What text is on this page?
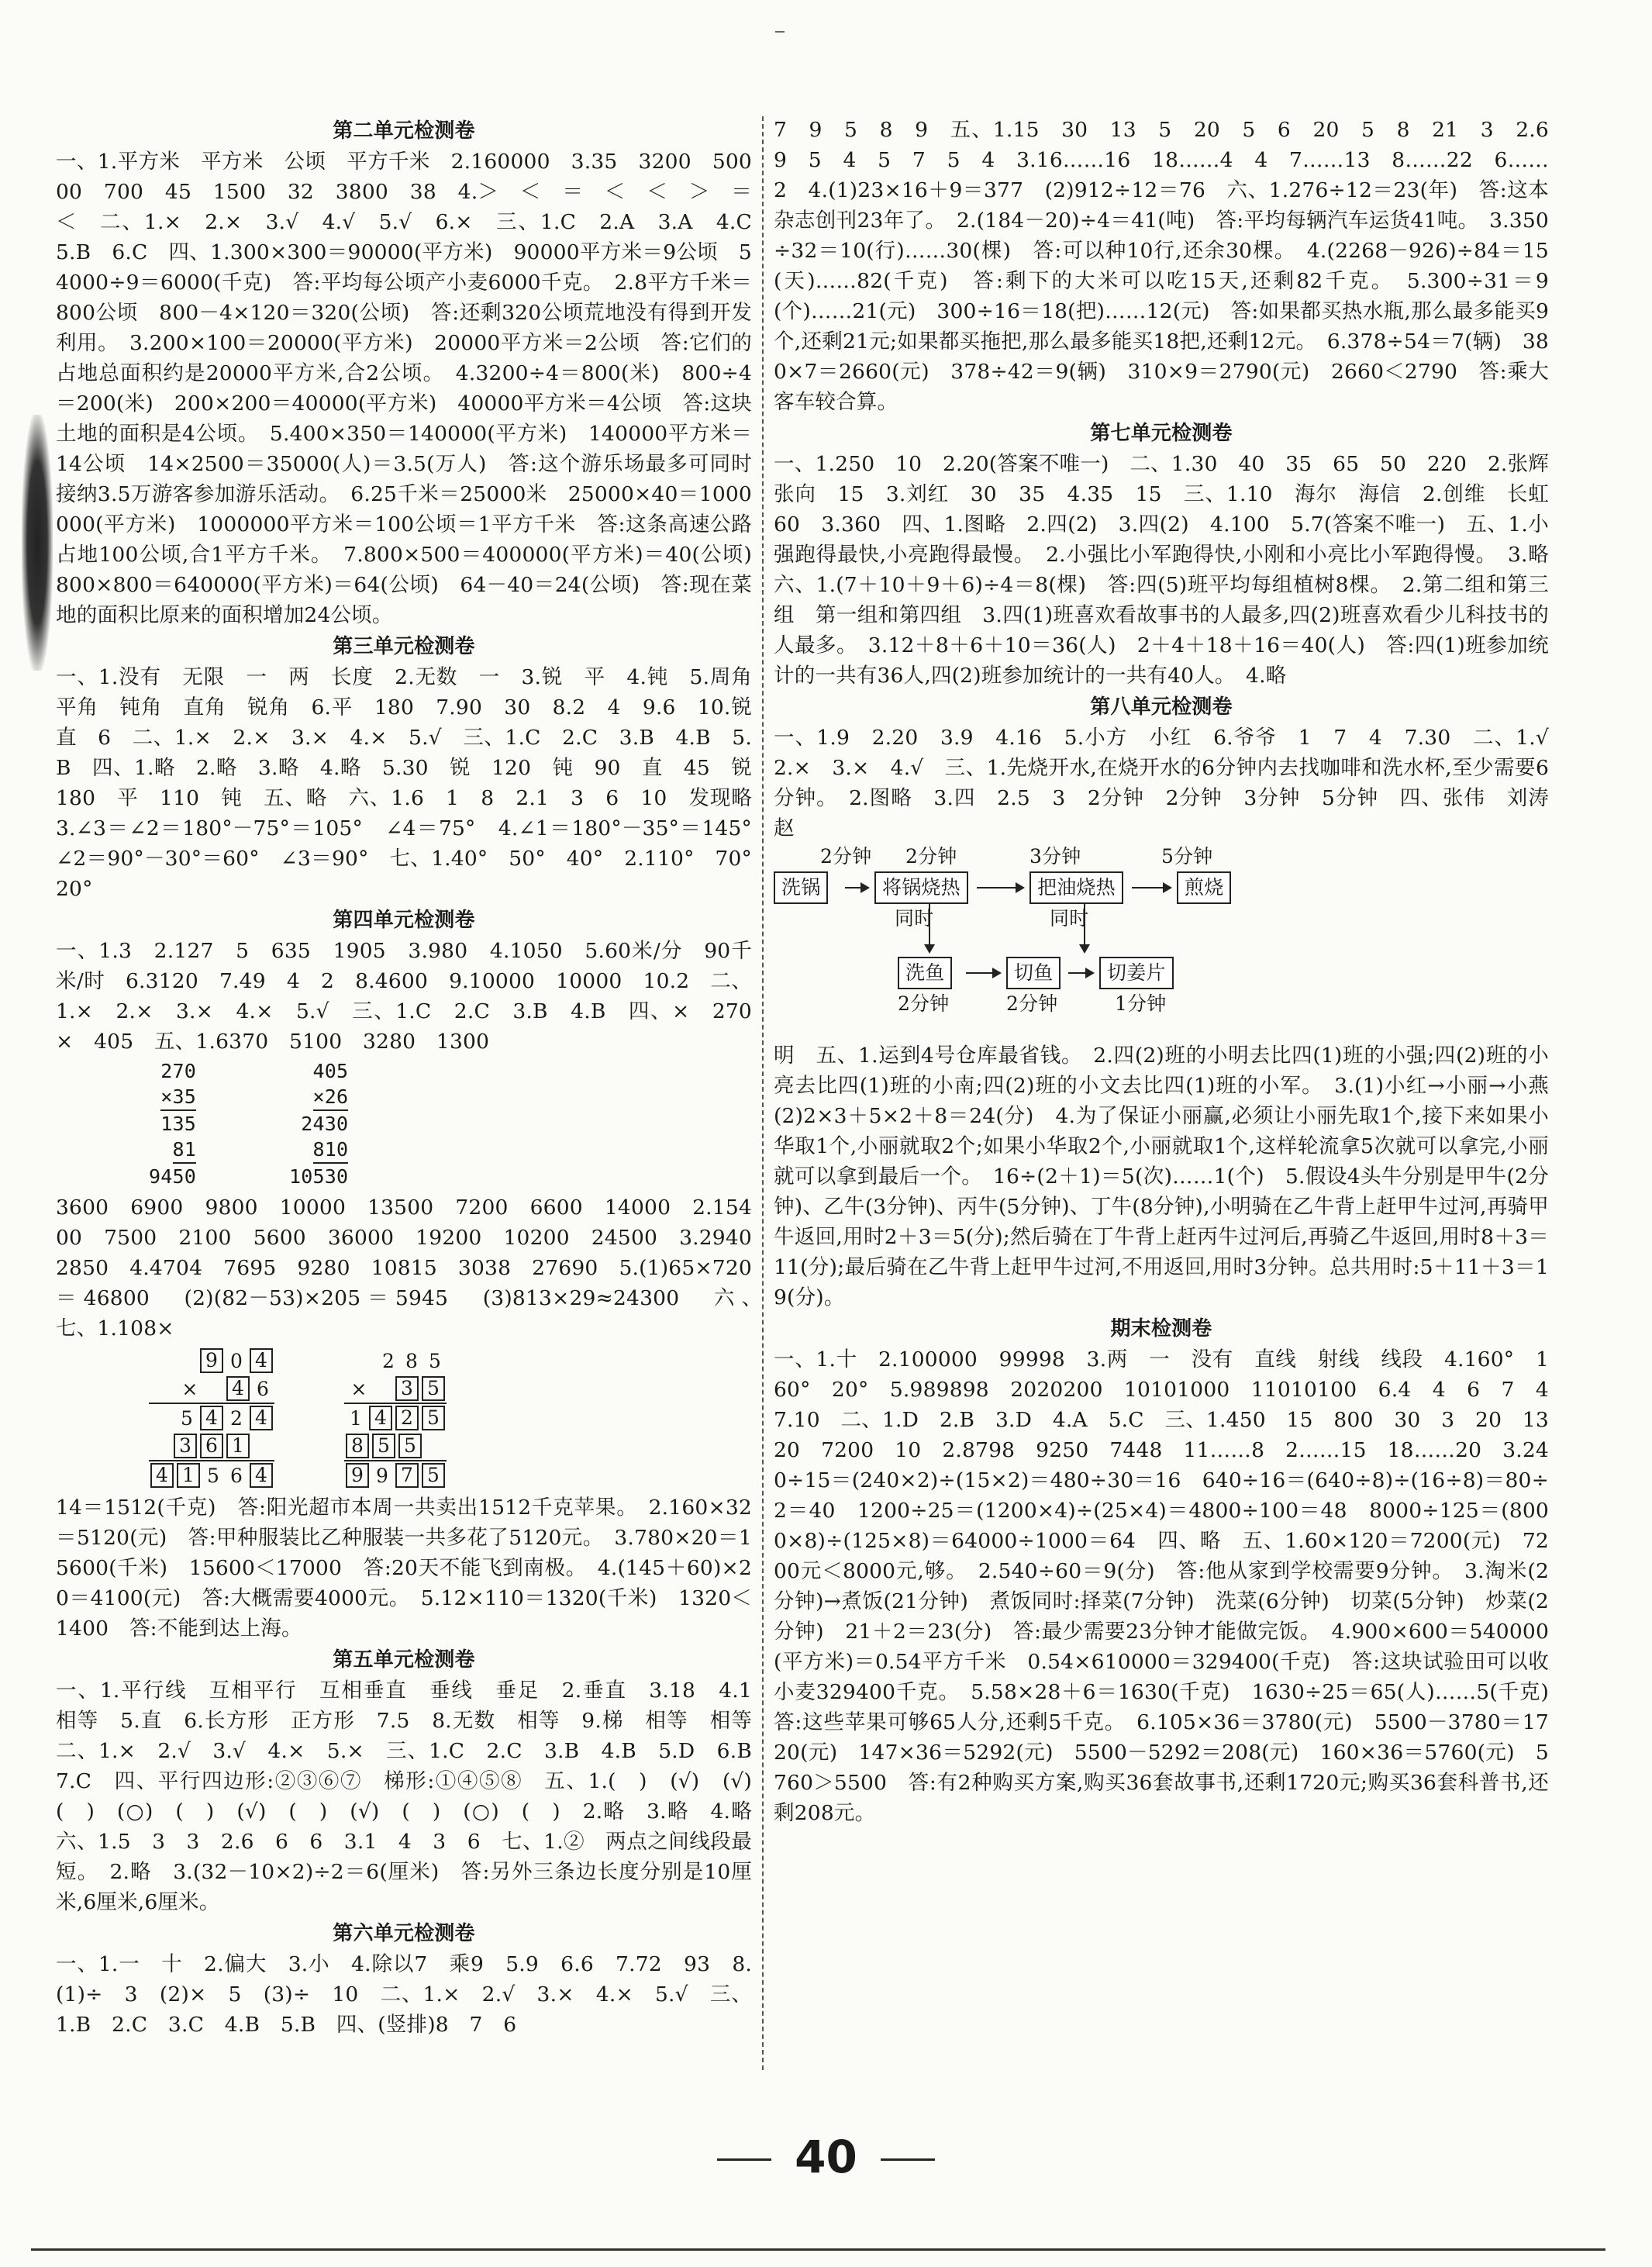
第二单元检测卷

一、1.平方米　平方米　公顷　平方千米　2.160000　3.35　3200　50000　700　45　1500　32　3800　38　4.＞　＜　＝　＜　＜　＞　＝　＜　二、1.×　2.×　3.√　4.√　5.√　6.×　三、1.C　2.A　3.A　4.C　5.B　6.C　四、1.300×300＝90000(平方米)　90000平方米＝9公顷　54000÷9＝6000(千克)　答:平均每公顷产小麦6000千克。　2.8平方千米＝800公顷　800－4×120＝320(公顷)　答:还剩320公顷荒地没有得到开发利用。　3.200×100＝20000(平方米)　20000平方米＝2公顷　答:它们的占地总面积约是20000平方米,合2公顷。　4.3200÷4＝800(米)　800÷4＝200(米)　200×200＝40000(平方米)　40000平方米＝4公顷　答:这块土地的面积是4公顷。　5.400×350＝140000(平方米)　140000平方米＝14公顷　14×2500＝35000(人)＝3.5(万人)　答:这个游乐场最多可同时接纳3.5万游客参加游乐活动。　6.25千米＝25000米　25000×40＝1000000(平方米)　1000000平方米＝100公顷＝1平方千米　答:这条高速公路占地100公顷,合1平方千米。　7.800×500＝400000(平方米)＝40(公顷)　800×800＝640000(平方米)＝64(公顷)　64－40＝24(公顷)　答:现在菜地的面积比原来的面积增加24公顷。

第三单元检测卷

一、1.没有　无限　一　两　长度　2.无数　一　3.锐　平　4.钝　5.周角　平角　钝角　直角　锐角　6.平　180　7.90　30　8.2　4　9.6　10.锐　直　6　二、1.×　2.×　3.×　4.×　5.√　三、1.C　2.C　3.B　4.B　5.B　四、1.略　2.略　3.略　4.略　5.30　锐　120　钝　90　直　45　锐　180　平　110　钝　五、略　六、1.6　1　8　2.1　3　6　10　发现略　3.∠3＝∠2＝180°－75°＝105°　∠4＝75°　4.∠1＝180°－35°＝145°　∠2＝90°－30°＝60°　∠3＝90°　七、1.40°　50°　40°　2.110°　70°　20°

第四单元检测卷

一、1.3　2.127　5　635　1905　3.980　4.1050　5.60米/分　90千米/时　6.3120　7.49　4　2　8.4600　9.10000　10000　10.2　二、1.×　2.×　3.×　4.×　5.√　三、1.C　2.C　3.B　4.B　四、×　270　×　405　五、1.6370　5100　3280　1300

270
×35
135
81
9450
405
×26
2430
810
10530

3600　6900　9800　10000　13500　7200　6600　14000　2.15400　7500　2100　5600　36000　19200　10200　24500　3.2940　2850　4.4704　7695　9280　10815　3038　27690　5.(1)65×720＝46800　(2)(82－53)×205＝5945　(3)813×29≈24300　六、　　　　　　　　　　　　　　七、1.108×

9 0 4
× 4 6
5 4 2 4
3 6 1
4 1 5 6 4
2 8 5
× 3 5
1 4 2 5
8 5 5
9 9 7 5

14＝1512(千克)　答:阳光超市本周一共卖出1512千克苹果。　2.160×32＝5120(元)　答:甲种服装比乙种服装一共多花了5120元。　3.780×20＝15600(千米)　15600＜17000　答:20天不能飞到南极。　4.(145＋60)×20＝4100(元)　答:大概需要4000元。　5.12×110＝1320(千米)　1320＜1400　答:不能到达上海。

第五单元检测卷

一、1.平行线　互相平行　互相垂直　垂线　垂足　2.垂直　3.18　4.1　相等　5.直　6.长方形　正方形　7.5　8.无数　相等　9.梯　相等　相等　二、1.×　2.√　3.√　4.×　5.×　三、1.C　2.C　3.B　4.B　5.D　6.B　7.C　四、平行四边形:②③⑥⑦　梯形:①④⑤⑧　五、1.(　)　(√)　(√)　(　)　(○)　(　)　(√)　(　)　(√)　(　)　(○)　(　)　2.略　3.略　4.略　六、1.5　3　3　2.6　6　6　3.1　4　3　6　七、1.②　两点之间线段最短。　2.略　3.(32－10×2)÷2＝6(厘米)　答:另外三条边长度分别是10厘米,6厘米,6厘米。

第六单元检测卷

一、1.一　十　2.偏大　3.小　4.除以7　乘9　5.9　6.6　7.72　93　8.(1)÷　3　(2)×　5　(3)÷　10　二、1.×　2.√　3.×　4.×　5.√　三、1.B　2.C　3.C　4.B　5.B　四、(竖排)8　7　6

7　9　5　8　9　五、1.15　30　13　5　20　5　6　20　5　8　21　3　2.6　9　5　4　5　7　5　4　3.16……16　18……4　4　7……13　8……22　6……2　4.(1)23×16＋9＝377　(2)912÷12＝76　六、1.276÷12＝23(年)　答:这本杂志创刊23年了。　2.(184－20)÷4＝41(吨)　答:平均每辆汽车运货41吨。　3.350÷32＝10(行)……30(棵)　答:可以种10行,还余30棵。　4.(2268－926)÷84＝15(天)……82(千克)　答:剩下的大米可以吃15天,还剩82千克。　5.300÷31＝9(个)……21(元)　300÷16＝18(把)……12(元)　答:如果都买热水瓶,那么最多能买9个,还剩21元;如果都买拖把,那么最多能买18把,还剩12元。　6.378÷54＝7(辆)　380×7＝2660(元)　378÷42＝9(辆)　310×9＝2790(元)　2660＜2790　答:乘大客车较合算。

第七单元检测卷

一、1.250　10　2.20(答案不唯一)　二、1.30　40　35　65　50　220　2.张辉　张向　15　3.刘红　30　35　4.35　15　三、1.10　海尔　海信　2.创维　长虹　60　3.360　四、1.图略　2.四(2)　3.四(2)　4.100　5.7(答案不唯一)　五、1.小强跑得最快,小亮跑得最慢。　2.小强比小军跑得快,小刚和小亮比小军跑得慢。　3.略　六、1.(7＋10＋9＋6)÷4＝8(棵)　答:四(5)班平均每组植树8棵。　2.第二组和第三组　第一组和第四组　3.四(1)班喜欢看故事书的人最多,四(2)班喜欢看少儿科技书的人最多。　3.12＋8＋6＋10＝36(人)　2＋4＋18＋16＝40(人)　答:四(1)班参加统计的一共有36人,四(2)班参加统计的一共有40人。　4.略

第八单元检测卷

一、1.9　2.20　3.9　4.16　5.小方　小红　6.爷爷　1　7　4　7.30　二、1.√　2.×　3.×　4.√　三、1.先烧开水,在烧开水的6分钟内去找咖啡和洗水杯,至少需要6分钟。　2.图略　3.四　2.5　3　2分钟　2分钟　3分钟　5分钟　四、张伟　刘涛　赵

2分钟 2分钟	3分钟	5分钟
洗锅	将锅烧热	把油烧热	煎烧
同时	同时
洗鱼	切鱼	切姜片
2分钟	2分钟	1分钟

明　五、1.运到4号仓库最省钱。　2.四(2)班的小明去比四(1)班的小强;四(2)班的小亮去比四(1)班的小南;四(2)班的小文去比四(1)班的小军。　3.(1)小红→小丽→小燕　(2)2×3＋5×2＋8＝24(分)　4.为了保证小丽赢,必须让小丽先取1个,接下来如果小华取1个,小丽就取2个;如果小华取2个,小丽就取1个,这样轮流拿5次就可以拿完,小丽就可以拿到最后一个。　16÷(2＋1)＝5(次)……1(个)　5.假设4头牛分别是甲牛(2分钟)、乙牛(3分钟)、丙牛(5分钟)、丁牛(8分钟),小明骑在乙牛背上赶甲牛过河,再骑甲牛返回,用时2＋3＝5(分);然后骑在丁牛背上赶丙牛过河后,再骑乙牛返回,用时8＋3＝11(分);最后骑在乙牛背上赶甲牛过河,不用返回,用时3分钟。总共用时:5＋11＋3＝19(分)。

期末检测卷

一、1.十　2.100000　99998　3.两　一　没有　直线　射线　线段　4.160°　160°　20°　5.989898　2020200　10101000　11010100　6.4　4　6　7　4　7.10　二、1.D　2.B　3.D　4.A　5.C　三、1.450　15　800　30　3　20　1320　7200　10　2.8798　9250　7448　11……8　2……15　18……20　3.240÷15＝(240×2)÷(15×2)＝480÷30＝16　640÷16＝(640÷8)÷(16÷8)＝80÷2＝40　1200÷25＝(1200×4)÷(25×4)＝4800÷100＝48　8000÷125＝(8000×8)÷(125×8)＝64000÷1000＝64　四、略　五、1.60×120＝7200(元)　7200元＜8000元,够。　2.540÷60＝9(分)　答:他从家到学校需要9分钟。　3.淘米(2分钟)→煮饭(21分钟)　煮饭同时:择菜(7分钟)　洗菜(6分钟)　切菜(5分钟)　炒菜(2分钟)　21＋2＝23(分)　答:最少需要23分钟才能做完饭。　4.900×600＝540000(平方米)＝0.54平方千米　0.54×610000＝329400(千克)　答:这块试验田可以收小麦329400千克。　5.58×28＋6＝1630(千克)　1630÷25＝65(人)……5(千克)　答:这些苹果可够65人分,还剩5千克。　6.105×36＝3780(元)　5500－3780＝1720(元)　147×36＝5292(元)　5500－5292＝208(元)　160×36＝5760(元)　5760＞5500　答:有2种购买方案,购买36套故事书,还剩1720元;购买36套科普书,还剩208元。

40
